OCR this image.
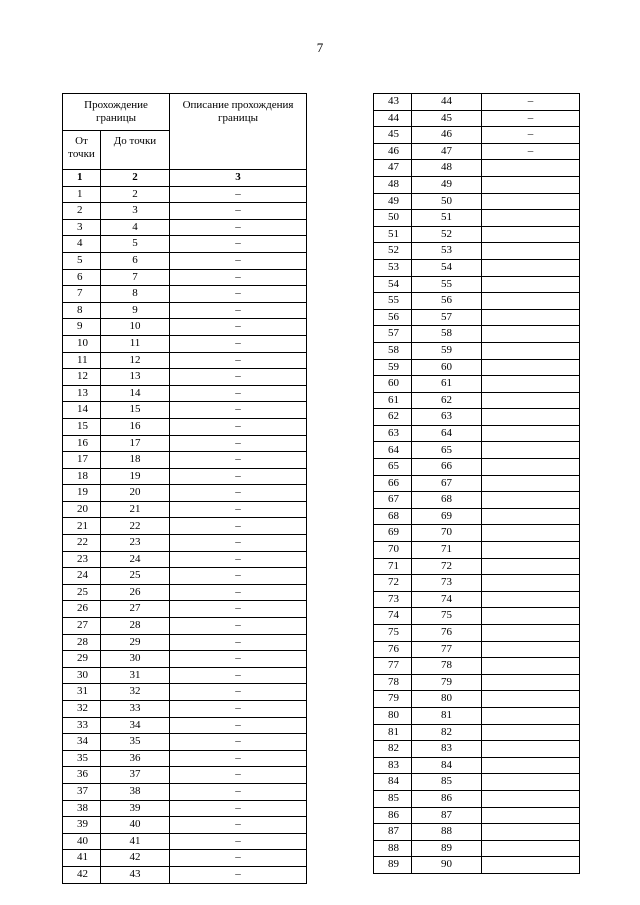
7
Прохождение границы		Описание прохождения границы
От точки	До точки	
1	2	3
1	2	–
2	3	–
3	4	–
4	5	–
5	6	–
6	7	–
7	8	–
8	9	–
9	10	–
10	11	–
11	12	–
12	13	–
13	14	–
14	15	–
15	16	–
16	17	–
17	18	–
18	19	–
19	20	–
20	21	–
21	22	–
22	23	–
23	24	–
24	25	–
25	26	–
26	27	–
27	28	–
28	29	–
29	30	–
30	31	–
31	32	–
32	33	–
33	34	–
34	35	–
35	36	–
36	37	–
37	38	–
38	39	–
39	40	–
40	41	–
41	42	–
42	43	–
43	44	–
44	45	–
45	46	–
46	47	–
47	48	
48	49	
49	50	
50	51	
51	52	
52	53	
53	54	
54	55	
55	56	
56	57	
57	58	
58	59	
59	60	
60	61	
61	62	
62	63	
63	64	
64	65	
65	66	
66	67	
67	68	
68	69	
69	70	
70	71	
71	72	
72	73	
73	74	
74	75	
75	76	
76	77	
77	78	
78	79	
79	80	
80	81	
81	82	
82	83	
83	84	
84	85	
85	86	
86	87	
87	88	
88	89	
89	90	
